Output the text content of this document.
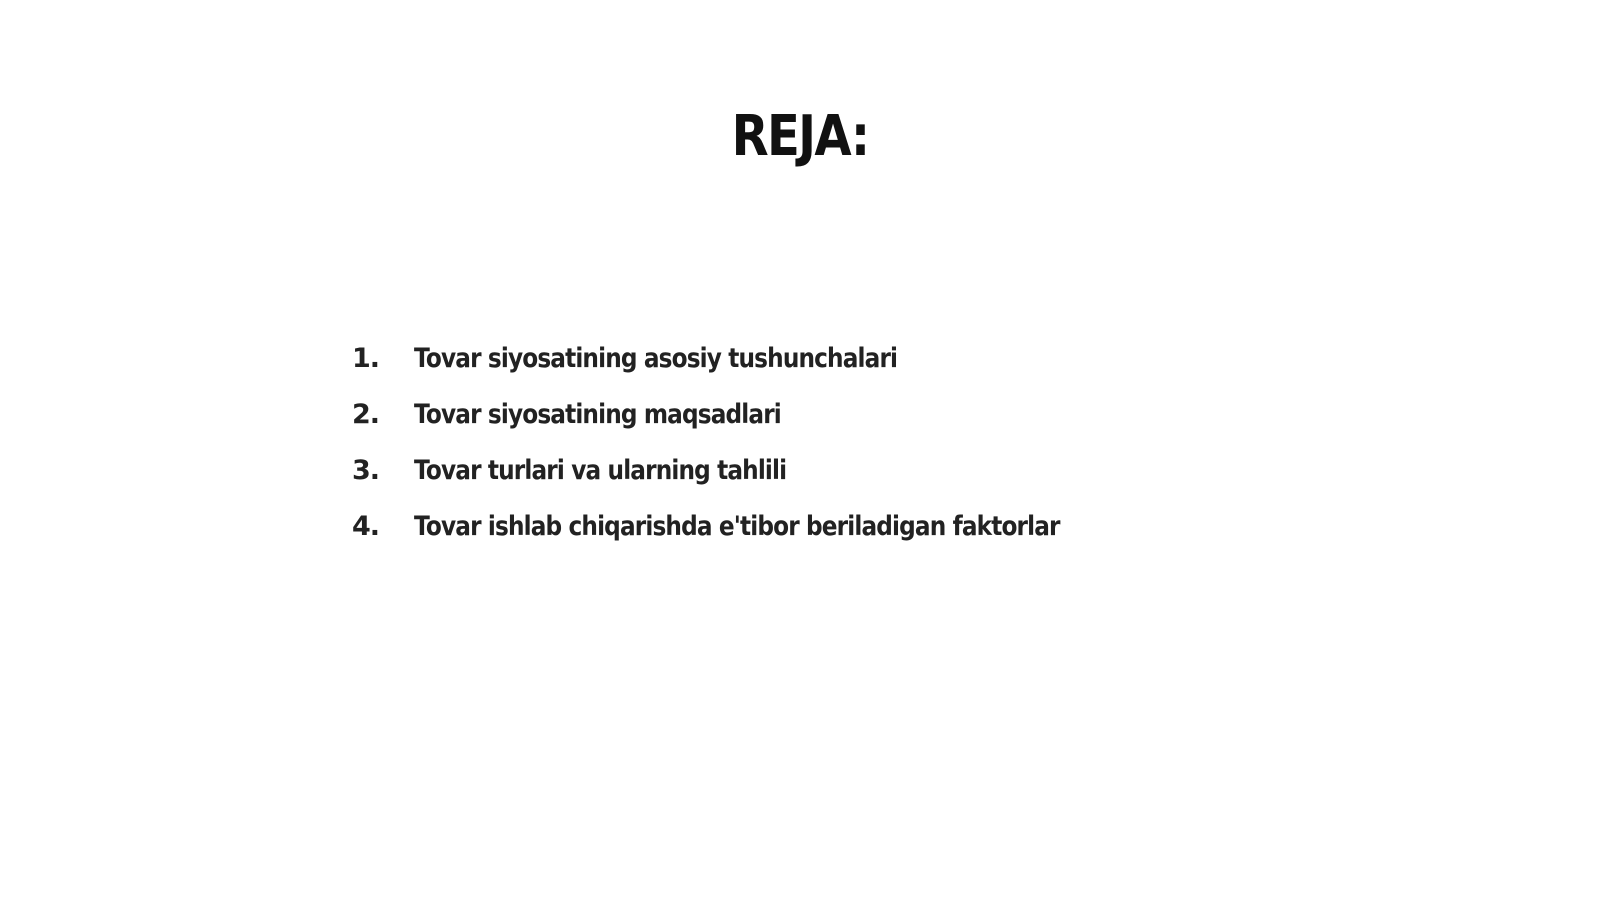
REJA:
1.	Tovar siyosatining asosiy tushunchalari
2.	Tovar siyosatining maqsadlari
3.	Tovar turlari va ularning tahlili
4.	Tovar ishlab chiqarishda e'tibor beriladigan faktorlar
